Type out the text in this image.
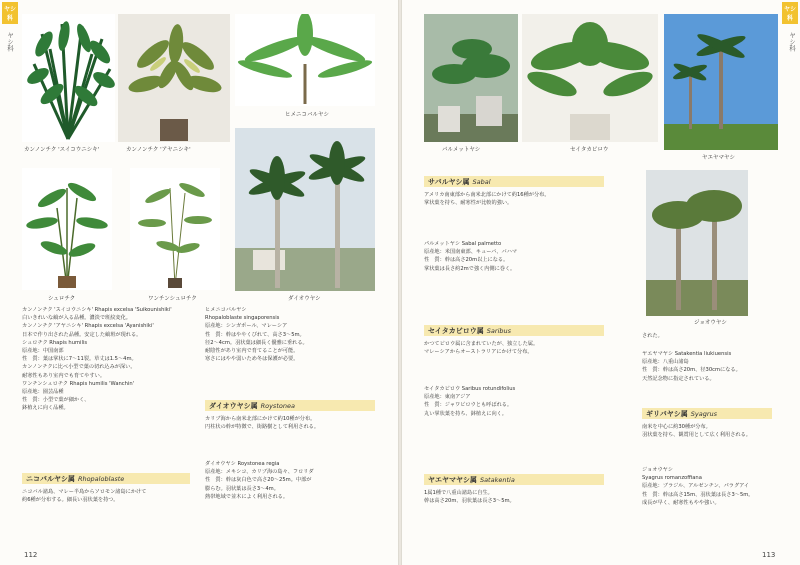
ヤシ科
ヤシ科
カンノンチク 'スイコウニシキ'	カンノンチク 'アヤニシキ'
ヒメニコバルヤシ
シュロチク	ワンチンシュロチク	ダイオウヤシ
カンノンチク 'スイコウニシキ' Rhapis excelsa 'Suikounishiki'
白いきれいな縞が入る品種。濃淡で班紋変化。
カンノンチク 'アヤニシキ' Rhapis excelsa 'Ayanishiki'
日本で作り出された品種。安定した縞班が現れる。
シュロチク Rhapis humilis
原産地：中国南部
性　質：葉は掌状に7〜11裂。草丈は1.5〜4m。
カンノンチクに比べ小型で葉の切れ込みが深い。
耐寒性もあり室内でも育てやすい。
ワンチンシュロチク Rhapis humilis 'Wanchin'
原産地：園芸品種
性　質：小型で葉が細かく、
鉢植えに向く品種。
ニコバルヤシ属 Rhopaloblaste
ニコバル諸島、マレー半島からソロモン諸島にかけて
約6種が分布する。細長い羽状葉を持つ。
ヒメニコバルヤシ
Rhopaloblaste singaporensis
原産地：シンガポール、マレーシア
性　質：幹はややくびれて、高さ3〜5m。
径2〜4cm。羽状葉は細長く優雅に垂れる。
耐陰性があり室内で育てることが可能。
寒さにはやや弱いため冬は保護が必要。
ダイオウヤシ属 Roystonea
カリブ海から南米北部にかけて約10種が分布。
円柱状の幹が特徴で、街路樹として利用される。
ダイオウヤシ Roystonea regia
原産地：メキシコ、カリブ海の島々、フロリダ
性　質：幹は灰白色で高さ20〜25m。中部が
膨らむ。羽状葉は長さ3〜4m。
熱帯地域で並木によく利用される。
112
ヤシ科
ヤシ科
パルメットヤシ	セイタカビロウ
ヤエヤマヤシ
ジョオウヤシ
サバルヤシ属 Sabal
アメリカ南東部から南米北部にかけて約16種が分布。
掌状葉を持ち、耐寒性が比較的強い。
パルメットヤシ Sabal palmetto
原産地：米国南東部、キューバ、バハマ
性　質：幹は高さ20m以上になる。
掌状葉は長さ約2mで強く内側に巻く。
セイタカビロウ属 Saribus
かつてビロウ属に含まれていたが、独立した属。
マレーシアからオーストラリアにかけて分布。
セイタカビロウ Saribus rotundifolius
原産地：東南アジア
性　質：ジャワビロウとも呼ばれる。
丸い掌状葉を持ち、鉢植えに向く。
ヤエヤマヤシ属 Satakentia
1属1種で八重山諸島に自生。
幹は高さ20m、羽状葉は長さ3〜5m。
された。
ヤエヤマヤシ Satakentia liukiuensis
原産地：八重山諸島
性　質：幹は高さ20m、径30cmになる。
天然記念物に指定されている。
ギリバヤシ属 Syagrus
南米を中心に約30種が分布。
羽状葉を持ち、観賞用として広く利用される。
ジョオウヤシ
Syagrus romanzoffiana
原産地：ブラジル、アルゼンチン、パラグアイ
性　質：幹は高さ15m、羽状葉は長さ3〜5m。
成長が早く、耐寒性もやや強い。
113
